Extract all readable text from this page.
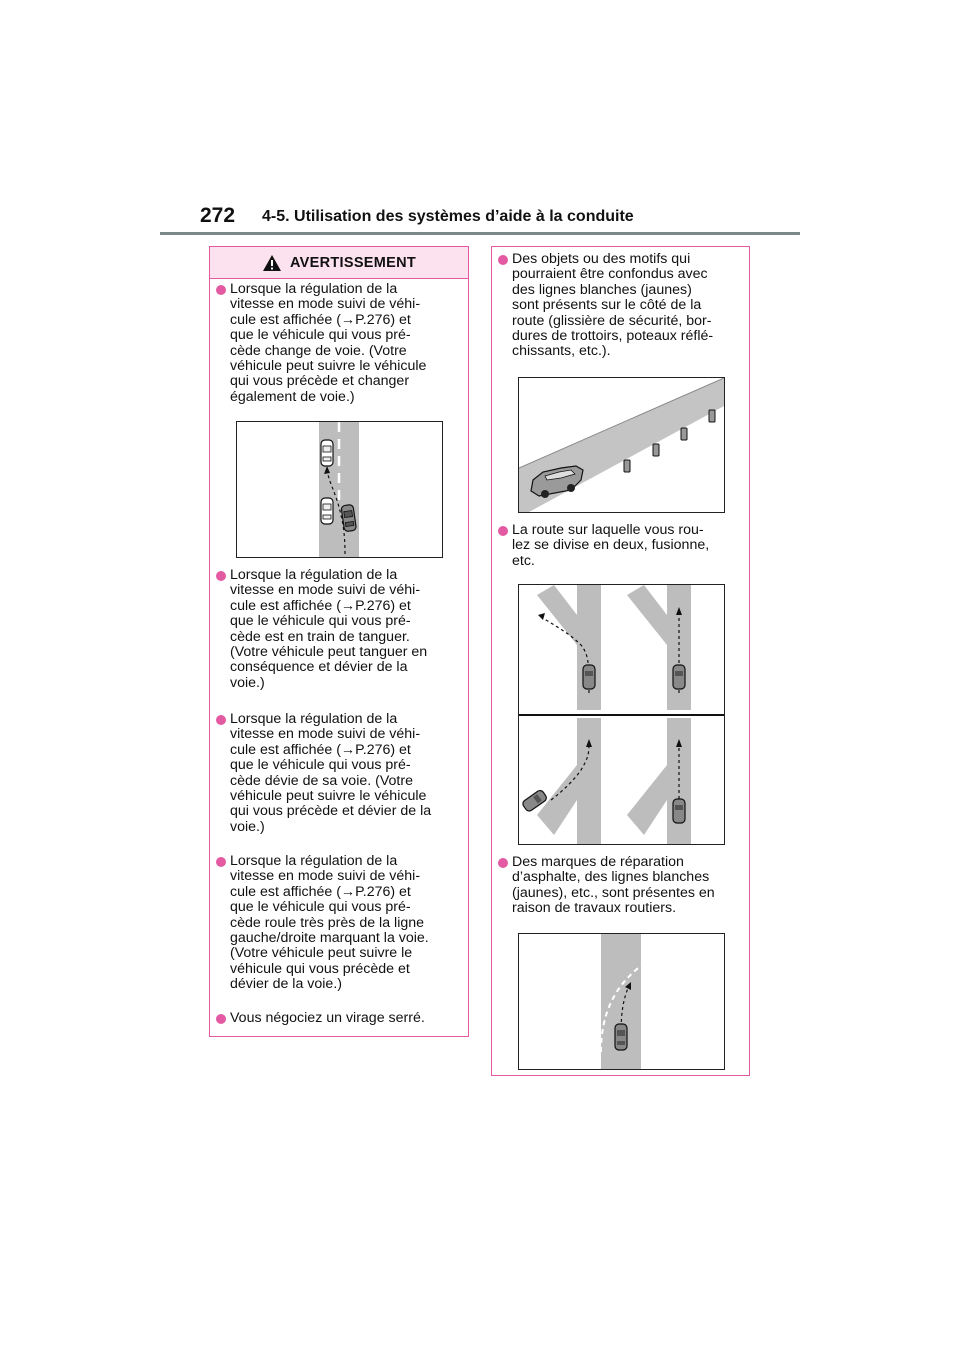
272 4-5. Utilisation des systèmes d’aide à la conduite
AVERTISSEMENT
Lorsque la régulation de la
vitesse en mode suivi de véhi-
cule est affichée (→P.276) et
que le véhicule qui vous pré-
cède change de voie. (Votre
véhicule peut suivre le véhicule
qui vous précède et changer
également de voie.)
Lorsque la régulation de la
vitesse en mode suivi de véhi-
cule est affichée (→P.276) et
que le véhicule qui vous pré-
cède est en train de tanguer.
(Votre véhicule peut tanguer en
conséquence et dévier de la
voie.)
Lorsque la régulation de la
vitesse en mode suivi de véhi-
cule est affichée (→P.276) et
que le véhicule qui vous pré-
cède dévie de sa voie. (Votre
véhicule peut suivre le véhicule
qui vous précède et dévier de la
voie.)
Lorsque la régulation de la
vitesse en mode suivi de véhi-
cule est affichée (→P.276) et
que le véhicule qui vous pré-
cède roule très près de la ligne
gauche/droite marquant la voie.
(Votre véhicule peut suivre le
véhicule qui vous précède et
dévier de la voie.)
Vous négociez un virage serré.
Des objets ou des motifs qui
pourraient être confondus avec
des lignes blanches (jaunes)
sont présents sur le côté de la
route (glissière de sécurité, bor-
dures de trottoirs, poteaux réflé-
chissants, etc.).
La route sur laquelle vous rou-
lez se divise en deux, fusionne,
etc.
Des marques de réparation
d’asphalte, des lignes blanches
(jaunes), etc., sont présentes en
raison de travaux routiers.
